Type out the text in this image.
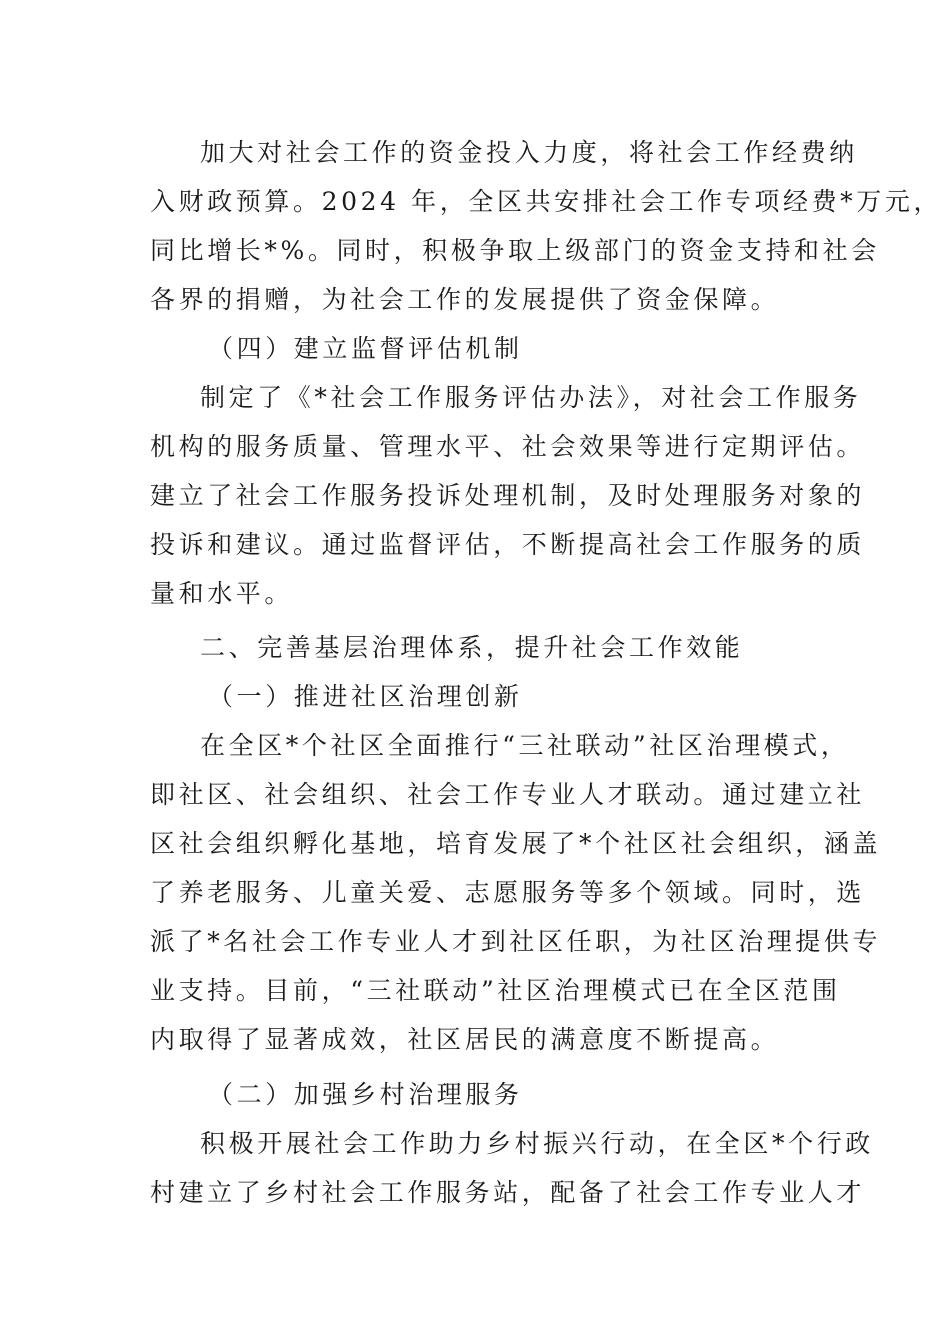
加大对社会工作的资金投入力度，将社会工作经费纳

入财政预算。2024 年，全区共安排社会工作专项经费*万元，

同比增长*%。同时，积极争取上级部门的资金支持和社会

各界的捐赠，为社会工作的发展提供了资金保障。

（四）建立监督评估机制

制定了《*社会工作服务评估办法》，对社会工作服务

机构的服务质量、管理水平、社会效果等进行定期评估。

建立了社会工作服务投诉处理机制，及时处理服务对象的

投诉和建议。通过监督评估，不断提高社会工作服务的质

量和水平。

二、完善基层治理体系，提升社会工作效能

（一）推进社区治理创新

在全区*个社区全面推行“三社联动”社区治理模式，

即社区、社会组织、社会工作专业人才联动。通过建立社

区社会组织孵化基地，培育发展了*个社区社会组织，涵盖

了养老服务、儿童关爱、志愿服务等多个领域。同时，选

派了*名社会工作专业人才到社区任职，为社区治理提供专

业支持。目前，“三社联动”社区治理模式已在全区范围

内取得了显著成效，社区居民的满意度不断提高。

（二）加强乡村治理服务

积极开展社会工作助力乡村振兴行动，在全区*个行政

村建立了乡村社会工作服务站，配备了社会工作专业人才
